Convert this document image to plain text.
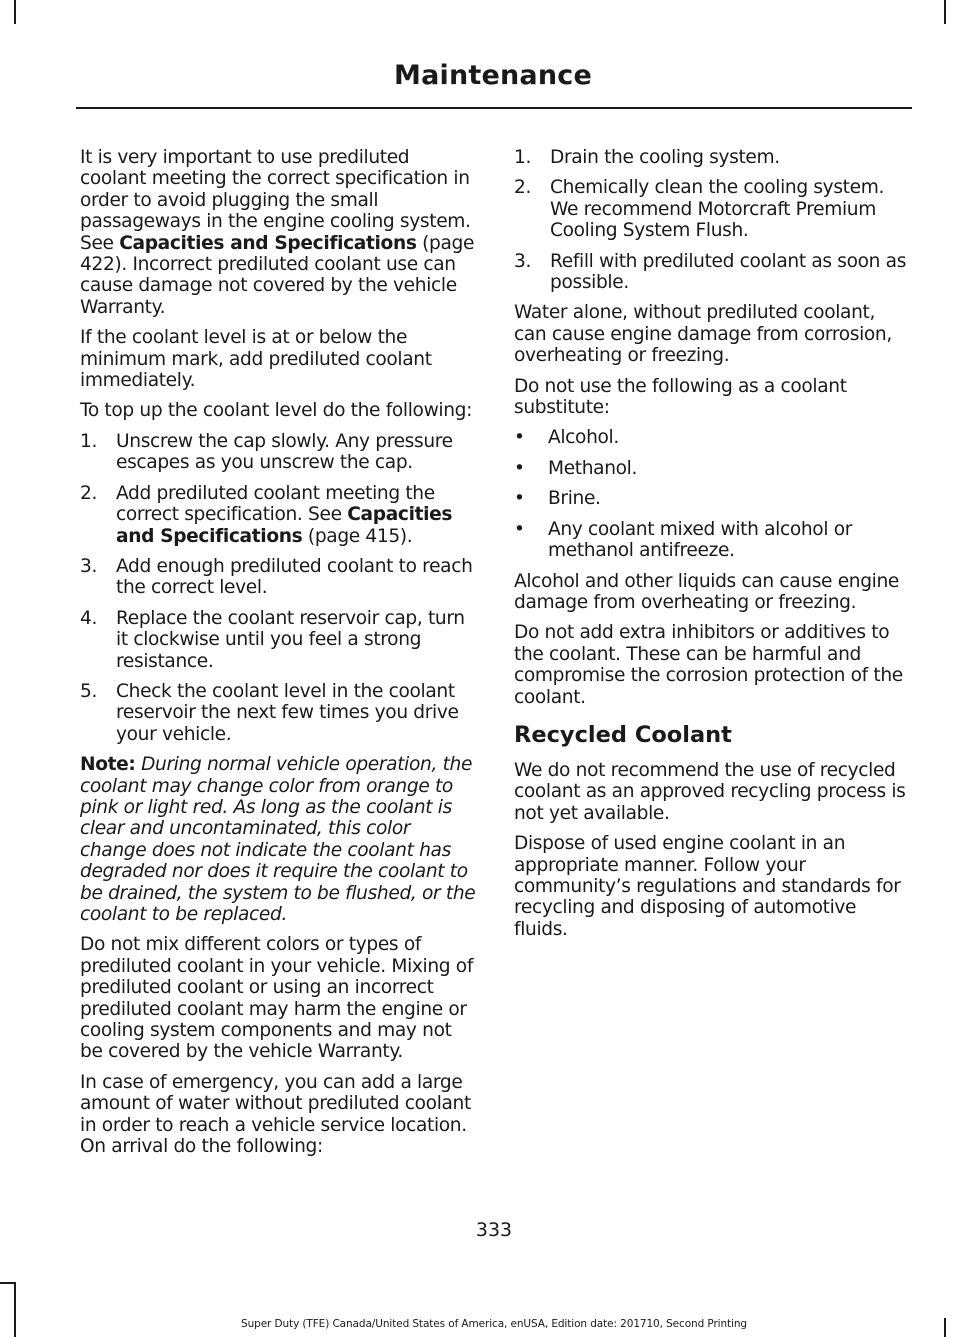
Maintenance

It is very important to use prediluted coolant meeting the correct specification in order to avoid plugging the small passageways in the engine cooling system. See Capacities and Specifications (page 422). Incorrect prediluted coolant use can cause damage not covered by the vehicle Warranty.

If the coolant level is at or below the minimum mark, add prediluted coolant immediately.

To top up the coolant level do the following:

1.	Unscrew the cap slowly. Any pressure escapes as you unscrew the cap.
2.	Add prediluted coolant meeting the correct specification. See Capacities and Specifications (page 415).
3.	Add enough prediluted coolant to reach the correct level.
4.	Replace the coolant reservoir cap, turn it clockwise until you feel a strong resistance.
5.	Check the coolant level in the coolant reservoir the next few times you drive your vehicle.

Note: During normal vehicle operation, the coolant may change color from orange to pink or light red. As long as the coolant is clear and uncontaminated, this color change does not indicate the coolant has degraded nor does it require the coolant to be drained, the system to be flushed, or the coolant to be replaced.

Do not mix different colors or types of prediluted coolant in your vehicle. Mixing of prediluted coolant or using an incorrect prediluted coolant may harm the engine or cooling system components and may not be covered by the vehicle Warranty.

In case of emergency, you can add a large amount of water without prediluted coolant in order to reach a vehicle service location. On arrival do the following:

1.	Drain the cooling system.
2.	Chemically clean the cooling system. We recommend Motorcraft Premium Cooling System Flush.
3.	Refill with prediluted coolant as soon as possible.

Water alone, without prediluted coolant, can cause engine damage from corrosion, overheating or freezing.

Do not use the following as a coolant substitute:

•	Alcohol.
•	Methanol.
•	Brine.
•	Any coolant mixed with alcohol or methanol antifreeze.

Alcohol and other liquids can cause engine damage from overheating or freezing.

Do not add extra inhibitors or additives to the coolant. These can be harmful and compromise the corrosion protection of the coolant.

Recycled Coolant

We do not recommend the use of recycled coolant as an approved recycling process is not yet available.

Dispose of used engine coolant in an appropriate manner. Follow your community’s regulations and standards for recycling and disposing of automotive fluids.

333
Super Duty (TFE) Canada/United States of America, enUSA, Edition date: 201710, Second Printing
